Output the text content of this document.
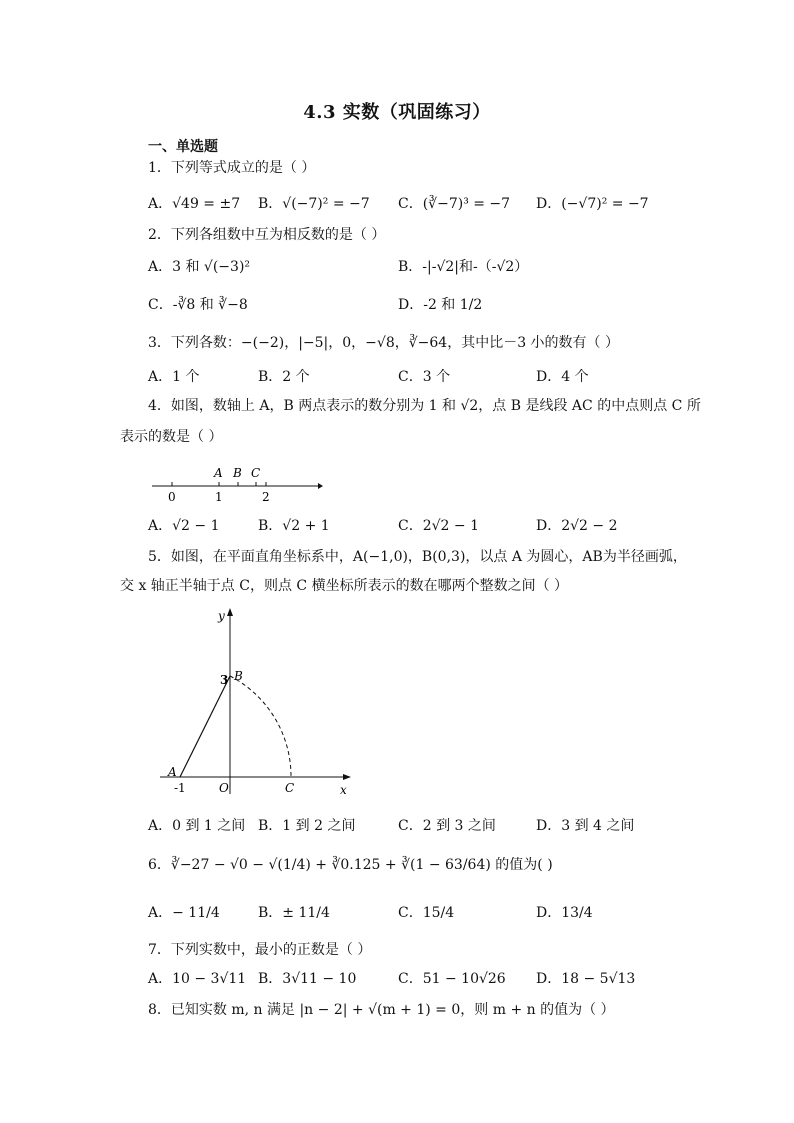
4.3 实数（巩固练习）
一、单选题
1．下列等式成立的是（ ）
A．√49 = ±7 B．√(−7)² = −7 C．(∛−7)³ = −7 D．(−√7)² = −7
2．下列各组数中互为相反数的是（ ）
A．3 和 √(−3)²	B．-|-√2|和-（-√2）
C．-∛8 和 ∛−8	D．-2 和 1/2
3．下列各数：−(−2)，|−5|，0，−√8，∛−64，其中比－3 小的数有（ ）
A．1 个	B．2 个	C．3 个	D．4 个
4．如图，数轴上 A，B 两点表示的数分别为 1 和 √2，点 B 是线段 AC 的中点则点 C 所
表示的数是（ ）
A B C
0	1	2
A．√2 − 1	B．√2 + 1	C．2√2 − 1	D．2√2 − 2
5．如图，在平面直角坐标系中，A(−1,0)，B(0,3)，以点 A 为圆心，AB为半径画弧，
交 x 轴正半轴于点 C，则点 C 横坐标所表示的数在哪两个整数之间（ ）
y
x
B
3
A
-1	O	C
A．0 到 1 之间 B．1 到 2 之间	C．2 到 3 之间	D．3 到 4 之间
6．∛−27 − √0 − √(1/4) + ∛0.125 + ∛(1 − 63/64) 的值为( )
A．− 11/4	B．± 11/4	C．15/4	D．13/4
7．下列实数中，最小的正数是（ ）
A．10 − 3√11 B．3√11 − 10	C．51 − 10√26 D．18 − 5√13
8．已知实数 m, n 满足 |n − 2| + √(m + 1) = 0，则 m + n 的值为（ ）
